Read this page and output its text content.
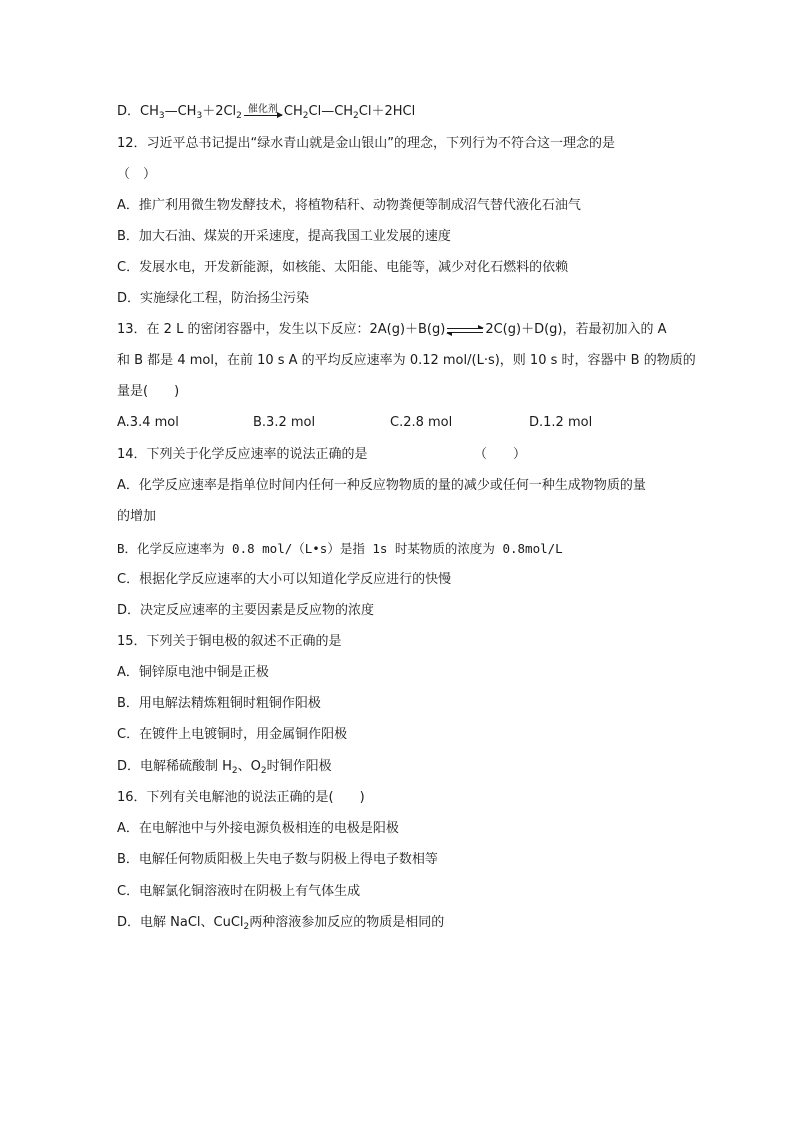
D．$CH_3—CH_3+2Cl_2$
催化剂 $CH_2Cl—CH_2Cl+2HCl$
12．习近平总书记提出“绿水青山就是金山银山”的理念，下列行为不符合这一理念的是
（　）
A．推广利用微生物发酵技术，将植物秸秆、动物粪便等制成沼气替代液化石油气
B．加大石油、煤炭的开采速度，提高我国工业发展的速度
C．发展水电，开发新能源，如核能、太阳能、电能等，减少对化石燃料的依赖
D．实施绿化工程，防治扬尘污染
13．在 2 L 的密闭容器中，发生以下反应：2A(g)＋B(g) ⇌ 2C(g)＋D(g)，若最初加入的 A
和 B 都是 4 mol，在前 10 s A 的平均反应速率为 0.12 mol/(L·s)，则 10 s 时，容器中 B 的物质的
量是(　　)
A.3.4 mol	B.3.2 mol	C.2.8 mol	D.1.2 mol
14．下列关于化学反应速率的说法正确的是	（　　）
A．化学反应速率是指单位时间内任何一种反应物物质的量的减少或任何一种生成物物质的量
的增加
B．化学反应速率为 0.8 mol/（L•s）是指 1s 时某物质的浓度为 0.8mol/L
C．根据化学反应速率的大小可以知道化学反应进行的快慢
D．决定反应速率的主要因素是反应物的浓度
15．下列关于铜电极的叙述不正确的是
A．铜锌原电池中铜是正极
B．用电解法精炼粗铜时粗铜作阳极
C．在镀件上电镀铜时，用金属铜作阳极
D．电解稀硫酸制 $H_2$、$O_2$时铜作阳极
16．下列有关电解池的说法正确的是(　　)
A．在电解池中与外接电源负极相连的电极是阳极
B．电解任何物质阳极上失电子数与阴极上得电子数相等
C．电解氯化铜溶液时在阴极上有气体生成
D．电解 NaCl、CuCl$_2$两种溶液参加反应的物质是相同的
